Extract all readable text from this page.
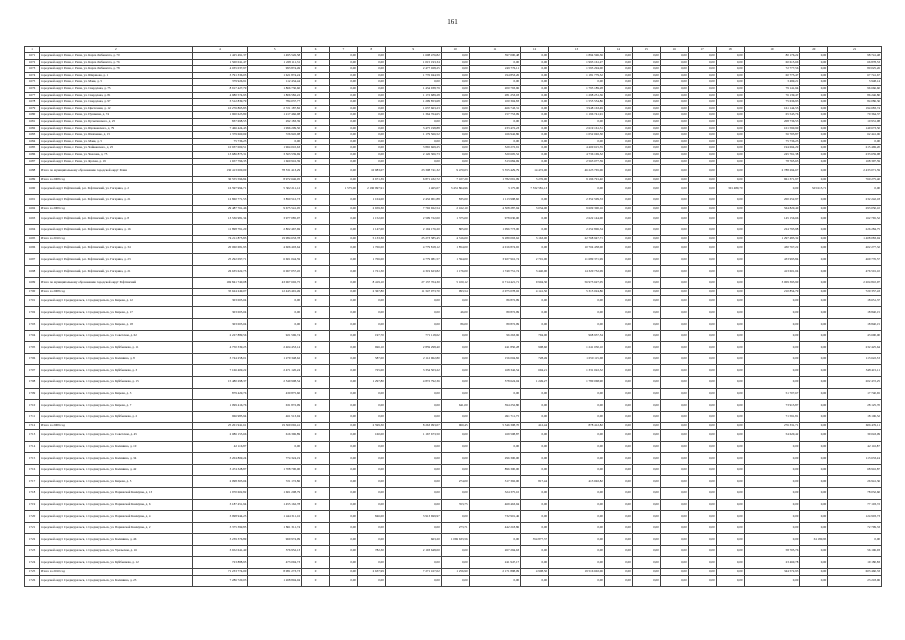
161
1	2	4	5	6	7	8	9	10	11	12	13	14	15	16	17	18	19	20	21
1671	городской округ Реша, г. Реша, ул. Карла Либкнехта, д. 70	1 425 491,37	1 495 526,58	0	0,00	0,00	1 608 476,82	0,00	597 000,48	0,00	1 894 596,36	0,00	0,00	0,00	0,00	0,00	80 176,22	0,00	98 741,48
1672	городской округ Реша, г. Реша, ул. Карла Либкнехта, д. 76	1 500 041,47	1 228 111,31	0	0,00	0,00	1 015 193,34	0,00	0,00	0,00	1 993 161,27	0,00	0,00	0,00	0,00	0,00	60 615,66	0,00	66 878,53
1673	городской округ Реша, г. Реша, ул. Карла Либкнехта, д. 78	4 035 037,97	993 874,49	0	0,00	0,00	2 477 028,25	0,00	249 776,11	0,00	1 595 294,00	0,00	0,00	0,00	0,00	0,00	72 777,56	0,00	80 025,26
1674	городской округ Реша, г. Реша, ул. Ширшова, д. 1	3 791 336,03	1 621 874,24	0	0,00	0,00	1 776 044,59	0,00	194 853,26	0,00	1 181 779,52	0,00	0,00	0,00	0,00	0,00	60 773,47	0,00	67 741,67
1675	городской округ Реша, г. Реша, ул. Маяк, д. 5	379 926,91	112 434,44	0	0,00	0,00	0,00	0,00	0,00	0,00	0,00	0,00	0,00	0,00	0,00	0,00	3 499,21	0,00	3 948,14
1676	городской округ Реша, г. Реша, ул. Свердлова, д. 75	8 917 427,79	1 866 730,60	0	0,00	0,00	1 434 938,79	0,00	200 793,96	0,00	1 795 189,28	0,00	0,00	0,00	0,00	0,00	79 141,94	0,00	96 666,60
1677	городской округ Реша, г. Реша, ул. Свердлова, д. 81	4 980 574,93	1 806 582,22	0	0,00	0,00	1 172 689,28	0,00	281 253,03	0,00	1 298 251,36	0,00	0,00	0,00	0,00	0,00	76 139,47	0,00	86 246,80
1678	городской округ Реша, г. Реша, ул. Свердлова, д. 97	3 512 839,79	784 037,77	0	0,00	0,00	1 299 853,68	0,00	100 304,83	0,00	1 555 554,86	0,00	0,00	0,00	0,00	0,00	75 636,93	0,00	84 086,36
1679	городской округ Реша, г. Реша, ул. Цветочная, д. 12	10 276 865,83	2 721 187,82	0	0,00	0,00	1 637 663,23	0,00	466 743,31	0,00	3 948 163,49	0,00	0,00	0,00	0,00	0,00	161 144,53	0,00	194 683,74
1680	городской округ Реша, г. Реша, ул. Пушкина, д. 74	1 900 623,80	1 217 466,98	0	0,00	0,00	1 364 764,65	0,00	157 753,99	0,00	1 196 741,91	0,00	0,00	0,00	0,00	0,00	65 543,76	0,00	70 364,37
1681	городской округ Реша, г. Реша, ул. Бусыгинского, д. 25	837 698,55	292 183,39	0	0,00	0,00	0,00	0,00	0,00	0,00	0,00	0,00	0,00	0,00	0,00	0,00	208 736,53	0,00	10 931,98
1682	городской округ Реша, г. Реша, ул. Щелковского, д. 79	7 466 424,43	1 996 209,50	0	0,00	0,00	3 475 198,88	0,00	233 472,23	0,00	2 619 161,31	0,00	0,00	0,00	0,00	0,00	101 590,90	0,00	149 673,50
1683	городской округ Реша, г. Реша, ул. Шевченко, д. 15	1 379 660,69	726 945,98	0	0,00	0,00	1 179 566,52	0,00	166 942,86	0,00	1 052 692,50	0,00	0,00	0,00	0,00	0,00	56 703,87	0,00	62 441,06
1684	городской округ Реша, г. Реша, ул. Маяк, д. 5	75 736,23	0,00	0	0,00	0,00	0,00	0,00	0,00	0,00	0,00	0,00	0,00	0,00	0,00	0,00	75 736,23	0,00	0,00
1685	городской округ Реша, г. Реша, ул. Чайковского, д. 25	10 937 000,51	1 964 010,63	0	0,00	0,00	3 865 669,25	0,00	529 272,91	0,00	4 400 615,35	0,00	0,00	0,00	0,00	0,00	194 694,29	0,00	215 469,20
1686	городской округ Реша, г. Реша, ул. Чкалова, д. 75	13 686 875,31	3 563 539,69	0	0,00	0,00	2 126 306,73	0,00	520 605,52	0,00	4 736 169,52	0,00	0,00	0,00	0,00	0,00	245 761,38	0,00	233 659,98
1687	городской округ Реша, г. Реша, ул. Ярская, д. 19	1 657 796,35	1 660 916,39	0	0,00	0,00	0,00	0,00	313 684,69	0,00	2 563 077,59	0,00	0,00	0,00	0,00	0,00	78 765,63	0,00	168 397,59
1688	Итого по муниципальному образованию городской округ Реши	130 413 000,00	78 531 413,29	0	0,00	10 983,07	23 308 741,32	9 470,03	5 355 429,79	14 472,00	46 223 765,06	0,00	0,00	0,00	0,00	0,00	2 788 294,67	0,00	2 433 071,59
1689	Итого за 2008 год	30 555 596,84	8 972 646,05	0	0,00	2 671,39	6 871 432,72	7 107,29	1 782 091,99	3 276,00	9 196 791,40	0,00	0,00	0,00	0,00	0,00	961 371,97	0,00	760 275,40
1690	городской округ Рефтинский, р.п. Рефтинский, ул. Гагарина, д. 2	16 597 994,71	5 302 211,12	0	1 575,00	2 190 997,91	1 465,07	3 431 864,96	3 175,00	7 532 581,13	0,00	0,00	0,00	0,00	0,00	301 489,70	0,00	323 615,71	0,00
1691	городской округ Рефтинский, р.п. Рефтинский, ул. Гагарина, д. 21	12 860 771,53	3 890 512,73	0	0,00	1 104,00	2 432 901,88	835,00	1 113 998,60	0,00	2 352 509,33	0,00	0,00	0,00	0,00	0,00	200 252,97	0,00	232 242,18
1692	Итого за 2009 год	29 487 761,46	9 675 541,05	0	0,00	2 659,30	7 792 922,54	2 162,10	4 508 287,94	3 034,00	9 609 300,16	0,00	0,00	0,00	0,00	0,00	564 820,40	0,00	293 050,10
1693	городской округ Рефтинский, р.п. Рефтинский, ул. Гагарина, д. 8	13 536 981,34	3 977 085,97	0	0,00	1 152,00	2 599 722,00	1 375,00	978 630,00	0,00	2 622 144,00	0,00	0,00	0,00	0,00	0,00	145 156,66	0,00	162 765,52
1694	городской округ Рефтинский, р.п. Рефтинский, ул. Гагарина, д. 16	11 898 791,20	2 802 467,69	0	0,00	1 147,00	2 194 176,20	805,00	1 096 773,00	0,00	2 252 806,34	0,00	0,00	0,00	0,00	0,00	224 793,98	0,00	226 284,75
1695	Итого за 2010 год	74 211 875,83	19 984 633,78	0	0,00	5 133,30	25 273 385,45	4 316,00	9 289 093,62	3 163,00	22 768 947,71	0,00	0,00	0,00	0,00	0,00	1 297 483,32	0,00	1 408 083,94
1696	городской округ Рефтинский, р.п. Рефтинский, ул. Гагарина, д. 34	20 060 681,93	4 606 403,64	0	0,00	1 706,00	4 779 818,12	1 854,00	4 016 874,65	0,00	10 704 458,00	0,00	0,00	0,00	0,00	0,00	430 767,22	0,00	402 277,32
1697	городской округ Рефтинский, р.п. Рефтинский, ул. Гагарина, д. 23	25 292 097,71	6 601 044,59	0	0,00	1 706,00	4 779 081,57	1 594,00	3 927 916,74	2 701,00	11 689 371,99	0,00	0,00	0,00	0,00	0,00	433 993,84	0,00	469 776,57
1698	городской округ Рефтинский, р.п. Рефтинский, ул. Гагарина, д. 21	26 635 622,75	6 067 057,45	0	0,00	1 721,30	4 319 623,82	1 176,00	1 749 751,74	3 440,00	14 320 752,09	0,00	0,00	0,00	0,00	0,00	413 601,04	0,00	476 501,10
1699	Итого по муниципальному образованию городской округ Рефтинский	169 841 740,08	43 067 602,75	0	0,00	8 419,10	27 137 704,30	5 100,12	6 714 421,71	9 904,30	56 973 627,05	0,00	0,00	0,00	0,00	0,00	3 009 393,90	0,00	2 204 810,97
1700	Итого за 2008 год	35 624 249,07	12 443 491,49	0	0,00	2 367,80	11 347 073,70	993,54	2 075 078,02	4 141,50	5 315 024,86	0,00	0,00	0,00	0,00	0,00	210 854,79	0,00	720 357,43
1701	городской округ Среднеуральск, г. Среднеуральск, ул. Кирова, д. 12	303 005,04	0,00	0	0,00	0,00	0,00	0,00	86 872,99	0,00	0,00	0,00	0,00	0,00	0,00	0,00	0,00	0,00	18 651,37
1702	городской округ Среднеуральск, г. Среднеуральск, ул. Кирова, д. 17	303 005,04	0,00	0	0,00	0,00	0,00	46,00	89 872,99	0,00	0,00	0,00	0,00	0,00	0,00	0,00	0,00	0,00	18 840,15
1703	городской округ Среднеуральск, г. Среднеуральск, ул. Кирова, д. 18	303 005,04	0,00	0	0,00	0,00	0,00	86,00	89 872,99	0,00	0,00	0,00	0,00	0,00	0,00	0,00	0,00	0,00	18 840,15
1704	городской округ Среднеуральск, г. Среднеуральск, ул. Советская, д. 62	2 227 889,56	921 596,74	0	0,00	197,70	771 118,02	0,00	96 263,96	794,00	968 937,54	0,00	0,00	0,00	0,00	0,00	0,00	0,00	43 690,00
1705	городской округ Среднеуральск, г. Среднеуральск, ул. Куйбышева, д. 11	4 750 339,25	2 404 453,14	0	0,00	696,10	2 859 298,40	0,00	241 850,28	908,60	1 241 030,10	0,00	0,00	0,00	0,00	0,00	0,00	0,00	232 425,64
1706	городской округ Среднеуральск, г. Среднеуральск, ул. Калинина, д. 8	3 744 258,01	1 279 348,62	0	0,00	587,00	2 112 962,80	0,00	156 004,82	728,49	1 050 115,68	0,00	0,00	0,00	0,00	0,00	0,00	0,00	113 622,33
1707	городской округ Среднеуральск, г. Среднеуральск, ул. Куйбышева, д. 3	7 166 409,22	2 471 120,24	0	0,00	725,00	3 334 503,22	0,00	168 342,54	694,21	1 331 022,52	0,00	0,00	0,00	0,00	0,00	0,00	0,00	348 415,11
1708	городской округ Среднеуральск, г. Среднеуральск, ул. Куйбышева, д. 15	15 480 298,37	2 549 908,54	0	0,00	1 297,80	4 872 792,36	0,00	578 624,04	1 249,27	1 780 068,90	0,00	0,00	0,00	0,00	0,00	0,00	0,00	202 472,25
1709	городской округ Среднеуральск, г. Среднеуральск, ул. Кирова, д. 3	879 429,76	430 875,60	0	0,00	0,00	0,00	0,00	0,00	0,00	0,00	0,00	0,00	0,00	0,00	0,00	51 707,67	0,00	17 740,65
1710	городской округ Среднеуральск, г. Среднеуральск, ул. Кирова, д. 7	1 099 416,76	631 872,99	0	0,00	0,00	0,00	641,00	594 252,80	0,00	0,00	0,00	0,00	0,00	0,00	0,00	73 913,87	0,00	28 125,70
1711	городской округ Среднеуральск, г. Среднеуральск, ул. Куйбышева, д. 2	966 985,94	461 513,94	0	0,00	0,00	0,00	0,00	491 711,75	0,00	0,00	0,00	0,00	0,00	0,00	0,00	71 591,81	0,00	18 106,52
1712	Итого за 2009 год	25 201 941,61	19 369 092,41	0	0,00	2 599,30	8 263 093,07	960,45	5 346 308,70	412,44	878 412,82	0,00	0,00	0,00	0,00	0,00	276 331,71	0,00	606 476,11
1713	городской округ Среднеуральск, г. Среднеуральск, ул. Советская, д. 45	2 086 155,66	616 396,89	0	0,00	160,00	1 167 673,50	0,00	169 508,87	0,00	0,00	0,00	0,00	0,00	0,00	0,00	54 620,42	0,00	39 043,09
1714	городской округ Среднеуральск, г. Среднеуральск, ул. Калинина, д. 10	42 116,87	0,00	0	0,00	0,00	0,00	0,00	0,00	0,00	0,00	0,00	0,00	0,00	0,00	0,00	0,00	0,00	42 116,87
1715	городской округ Среднеуральск, г. Среднеуральск, ул. Калинина, д. 34	3 204 869,24	774 324,19	0	0,00	0,00	0,00	0,00	296 300,00	0,00	0,00	0,00	0,00	0,00	0,00	0,00	0,00	0,00	113 633,24
1716	городской округ Среднеуральск, г. Среднеуральск, ул. Калинина, д. 42	3 474 328,87	1 708 700,00	0	0,00	0,00	0,00	0,00	896 300,00	0,00	0,00	0,00	0,00	0,00	0,00	0,00	0,00	0,00	68 916,87
1717	городской округ Среднеуральск, г. Среднеуральск, ул. Кирова, д. 5	2 098 303,04	721 172,86	0	0,00	0,00	0,00	274,00	317 392,00	817,44	413 692,82	0,00	0,00	0,00	0,00	0,00	0,00	0,00	26 941,36
1718	городской округ Среднеуральск, г. Среднеуральск, ул. Парижской Коммуны, д. 13	1 970 602,82	1 601 208,79	0	0,00	0,00	0,00	0,00	324 375,10	0,00	0,00	0,00	0,00	0,00	0,00	0,00	0,00	0,00	78 032,60
1719	городской округ Среднеуральск, г. Среднеуральск, ул. Парижской Коммуны, д. 6	3 187 451,94	1 455 162,78	0	0,00	0,00	0,00	353,75	469 463,94	0,00	0,00	0,00	0,00	0,00	0,00	0,00	0,00	0,00	77 103,72
1720	городской округ Среднеуральск, г. Среднеуральск, ул. Парижской Коммуны, д. 4	3 998 944,23	1 444 311,16	0	0,00	846,00	3 913 699,97	0,00	732 901,46	0,00	0,00	0,00	0,00	0,00	0,00	0,00	0,00	0,00	124 903,73
1721	городской округ Среднеуральск, г. Среднеуральск, ул. Парижской Коммуны, д. 2	3 375 399,85	1 861 311,74	0	0,00	0,00	0,00	273,71	442 218,86	0,00	0,00	0,00	0,00	0,00	0,00	0,00	0,00	0,00	72 799,33
1722	городской округ Среднеуральск, г. Среднеуральск, ул. Калинина, д. 46	3 239 376,89	969 974,99	0	0,00	0,00	663,20	1 069 633,56	0,00	354 877,37	0,00	0,00	0,00	0,00	0,00	0,00	0,00	34 180,95	0,00
1723	городской округ Среднеуральск, г. Среднеуральск, ул. Уральская, д. 16	3 652 641,40	576 952,13	0	0,00	782,30	2 193 648,00	0,00	267 294,63	0,00	0,00	0,00	0,00	0,00	0,00	0,00	58 705,76	0,00	56 196,93
1724	городской округ Среднеуральск, г. Среднеуральск, ул. Куйбышева, д. 12	723 888,95	473 094,73	0	0,00	0,00	0,00	0,00	241 947,17	0,00	0,00	0,00	0,00	0,00	0,00	0,00	23 460,78	0,00	19 180,83
1725	Итого за 2010 год	71 233 774,00	8 081 273,73	0	0,00	2 637,99	7 271 167,02	1 256,90	2 171 898,09	4 908,50	19 516 602,06	0,00	0,00	0,00	0,00	0,00	344 572,93	0,00	603 460,33
1726	городской округ Среднеуральск, г. Среднеуральск, ул. Калинина, д. 23	7 286 720,03	1 268 804,04	0	0,00	0,00	0,00	0,00	0,00	0,00	0,00	0,00	0,00	0,00	0,00	0,00	0,00	0,00	23 218,96
